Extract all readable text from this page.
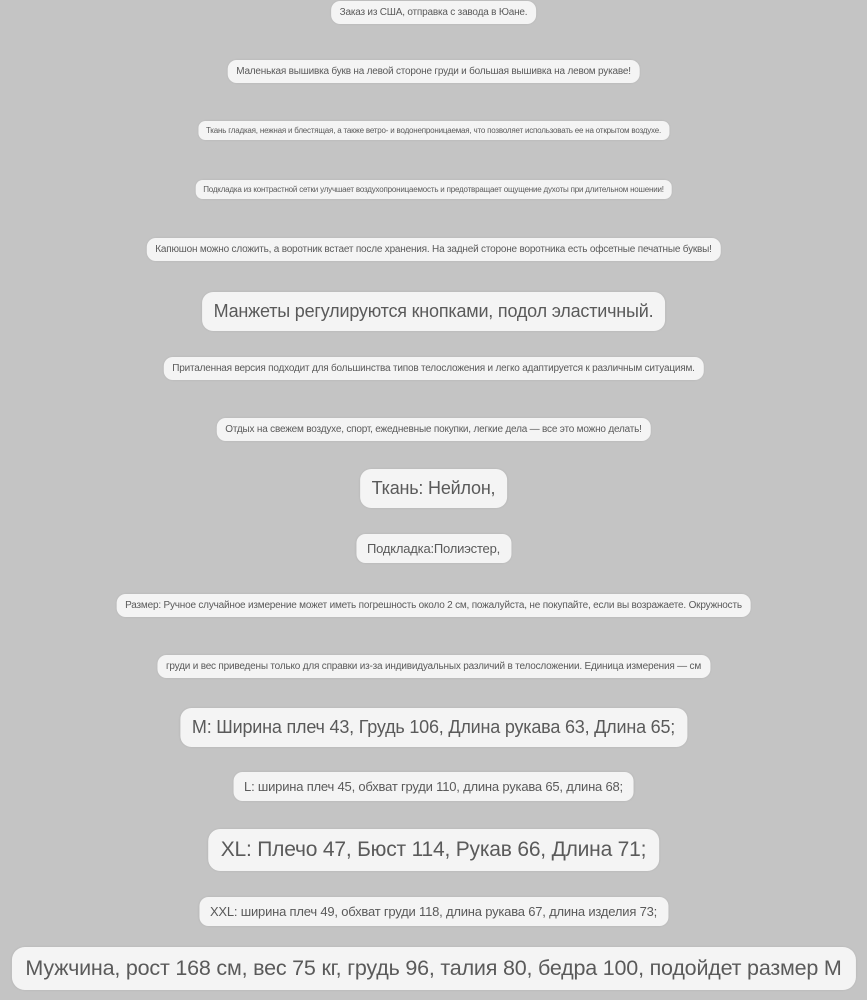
Заказ из США, отправка с завода в Юане.
Маленькая вышивка букв на левой стороне груди и большая вышивка на левом рукаве!
Ткань гладкая, нежная и блестящая, а также ветро- и водонепроницаемая, что позволяет использовать ее на открытом воздухе.
Подкладка из контрастной сетки улучшает воздухопроницаемость и предотвращает ощущение духоты при длительном ношении!
Капюшон можно сложить, а воротник встает после хранения. На задней стороне воротника есть офсетные печатные буквы!
Манжеты регулируются кнопками, подол эластичный.
Приталенная версия подходит для большинства типов телосложения и легко адаптируется к различным ситуациям.
Отдых на свежем воздухе, спорт, ежедневные покупки, легкие дела — все это можно делать!
Ткань: Нейлон,
Подкладка:Полиэстер,
Размер: Ручное случайное измерение может иметь погрешность около 2 см, пожалуйста, не покупайте, если вы возражаете. Окружность
груди и вес приведены только для справки из-за индивидуальных различий в телосложении. Единица измерения — см
M: Ширина плеч 43, Грудь 106, Длина рукава 63, Длина 65;
L: ширина плеч 45, обхват груди 110, длина рукава 65, длина 68;
XL: Плечо 47, Бюст 114, Рукав 66, Длина 71;
XXL: ширина плеч 49, обхват груди 118, длина рукава 67, длина изделия 73;
Мужчина, рост 168 см, вес 75 кг, грудь 96, талия 80, бедра 100, подойдет размер M
